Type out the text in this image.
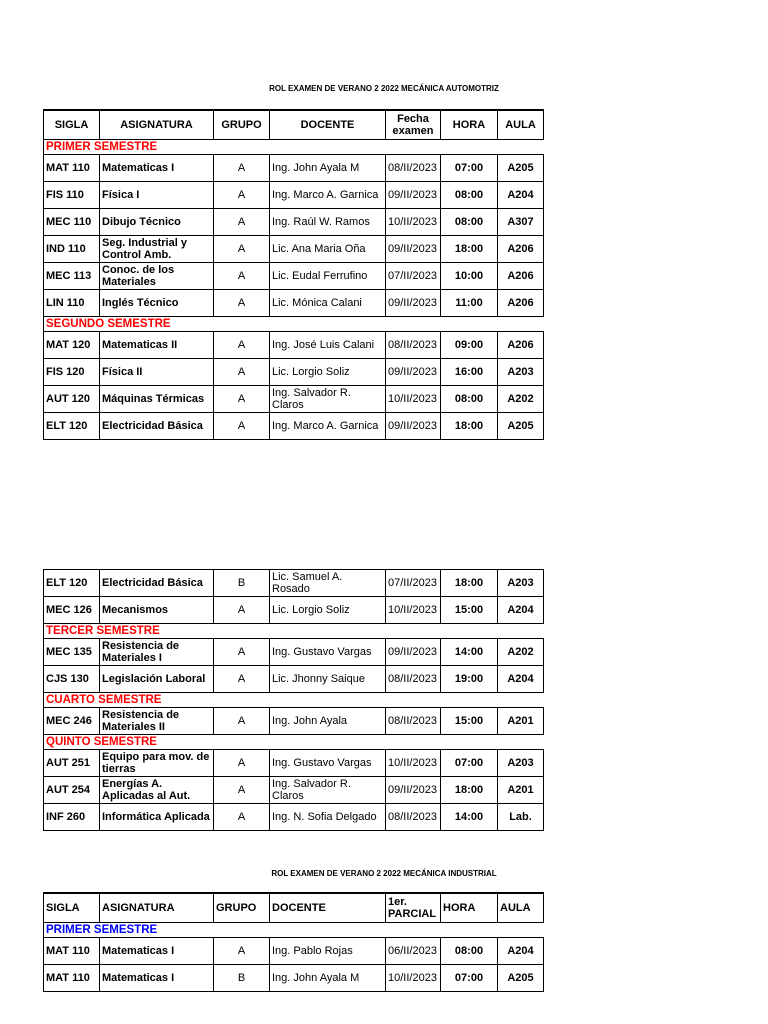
ROL EXAMEN DE VERANO 2 2022 MECÁNICA AUTOMOTRIZ
SIGLA	ASIGNATURA	GRUPO	DOCENTE	Fecha examen	HORA	AULA
PRIMER SEMESTRE						
MAT 110	Matematicas I	A	Ing. John Ayala M	08/II/2023	07:00	A205
FIS 110	Física I	A	Ing. Marco A. Garnica	09/II/2023	08:00	A204
MEC 110	Dibujo Técnico	A	Ing. Raúl W. Ramos	10/II/2023	08:00	A307
IND 110	Seg. Industrial y Control Amb.	A	Lic. Ana Maria Oña	09/II/2023	18:00	A206
MEC 113	Conoc. de los Materiales	A	Lic. Eudal Ferrufino	07/II/2023	10:00	A206
LIN 110	Inglés Técnico	A	Lic. Mónica Calani	09/II/2023	11:00	A206
SEGUNDO SEMESTRE						
MAT 120	Matematicas II	A	Ing. José Luis Calani	08/II/2023	09:00	A206
FIS 120	Física II	A	Lic. Lorgio Soliz	09/II/2023	16:00	A203
AUT 120	Máquinas Térmicas	A	Ing. Salvador R. Claros	10/II/2023	08:00	A202
ELT 120	Electricidad Básica	A	Ing. Marco A. Garnica	09/II/2023	18:00	A205
ELT 120	Electricidad Básica	B	Lic. Samuel A. Rosado	07/II/2023	18:00	A203
MEC 126	Mecanismos	A	Lic. Lorgio Soliz	10/II/2023	15:00	A204
TERCER SEMESTRE						
MEC 135	Resistencia de Materiales I	A	Ing. Gustavo Vargas	09/II/2023	14:00	A202
CJS 130	Legislación Laboral	A	Lic. Jhonny Saique	08/II/2023	19:00	A204
CUARTO SEMESTRE						
MEC 246	Resistencia de Materiales II	A	Ing. John Ayala	08/II/2023	15:00	A201
QUINTO SEMESTRE						
AUT 251	Equipo para mov. de tierras	A	Ing. Gustavo Vargas	10/II/2023	07:00	A203
AUT 254	Energías A. Aplicadas al Aut.	A	Ing. Salvador R. Claros	09/II/2023	18:00	A201
INF 260	Informática Aplicada	A	Ing. N. Sofia Delgado	08/II/2023	14:00	Lab.
ROL EXAMEN DE VERANO 2 2022 MECÁNICA INDUSTRIAL
SIGLA	ASIGNATURA	GRUPO	DOCENTE	1er. PARCIAL	HORA	AULA
PRIMER SEMESTRE						
MAT 110	Matematicas I	A	Ing. Pablo Rojas	06/II/2023	08:00	A204
MAT 110	Matematicas I	B	Ing. John Ayala M	10/II/2023	07:00	A205
